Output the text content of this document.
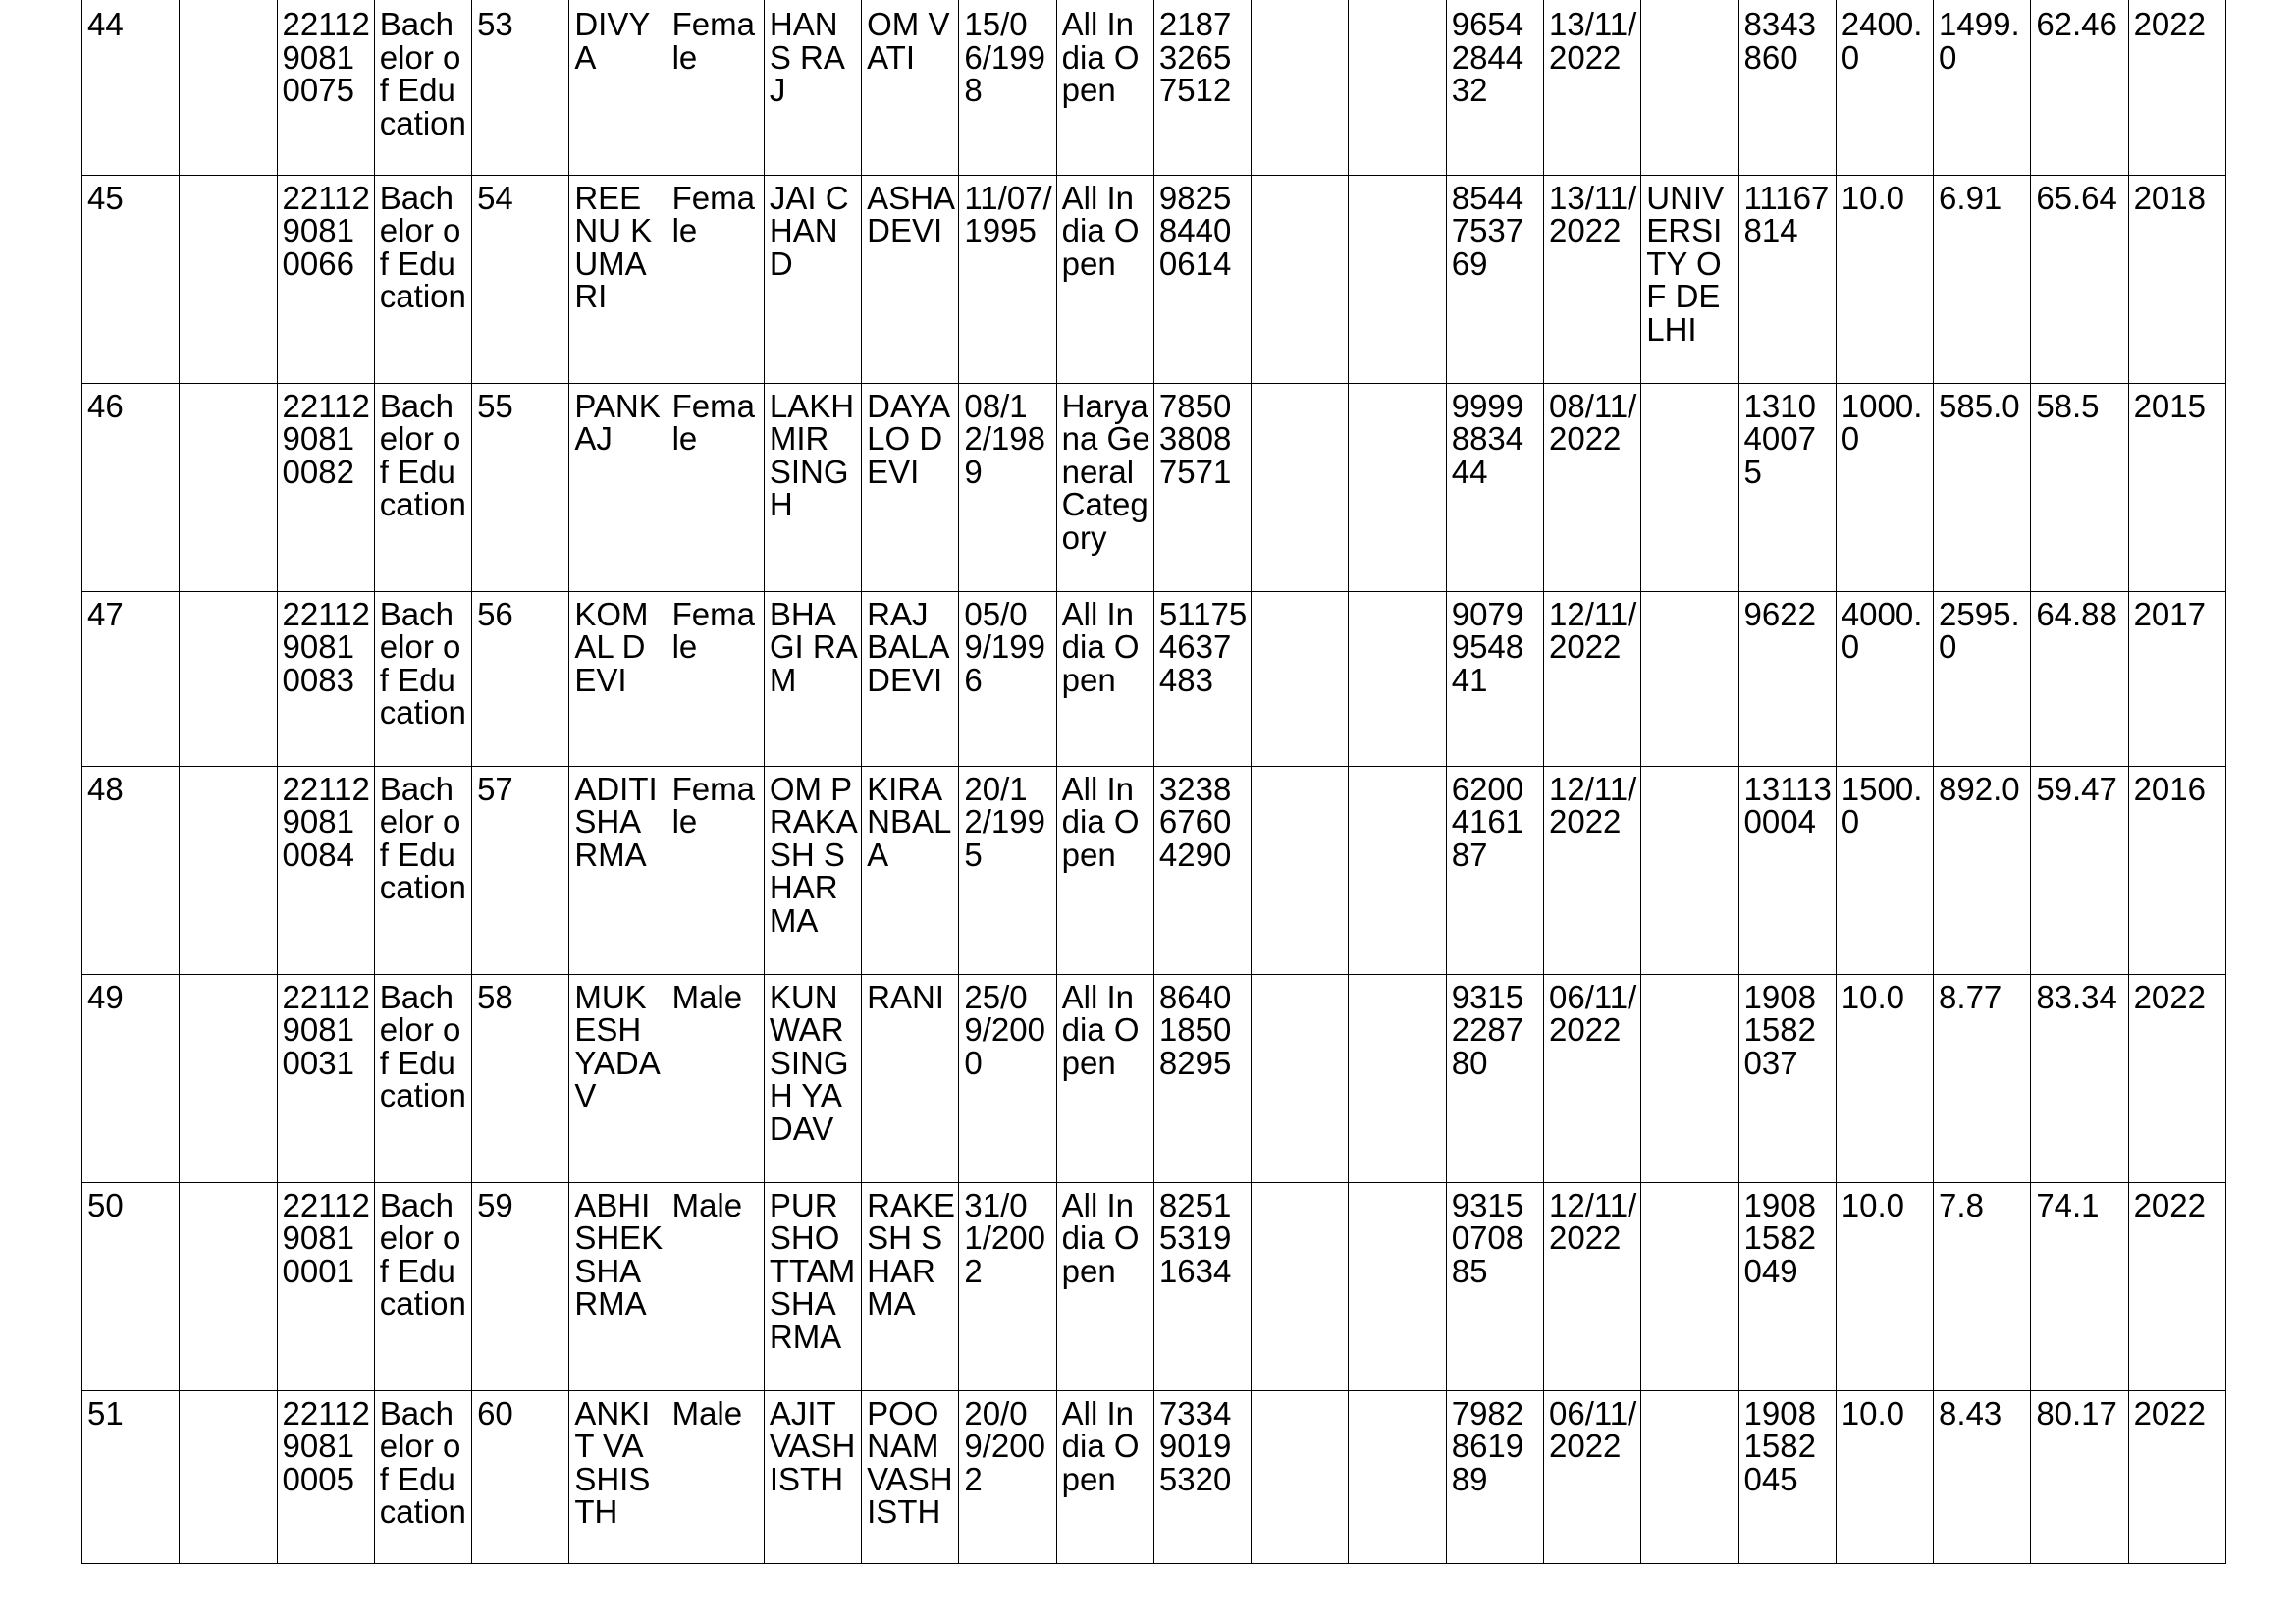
44		2211290810075	Bachelor of Education	53	DIVYA	Female	HANS RAJ	OM VATI	15/06/1998	All India Open	218732657512			9654284432	13/11/2022		8343860	2400.0	1499.0	62.46	2022

45		2211290810066	Bachelor of Education	54	REENU KUMARI	Female	JAI CHAND	ASHA DEVI	11/07/1995	All India Open	982584400614			8544753769	13/11/2022	UNIVERSITY OF DELHI	11167814	10.0	6.91	65.64	2018

46		2211290810082	Bachelor of Education	55	PANKAJ	Female	LAKHMIR SINGH	DAYALO DEVI	08/12/1989	Haryana General Category	785038087571			9999883444	08/11/2022		131040075	1000.0	585.0	58.5	2015

47		2211290810083	Bachelor of Education	56	KOMAL DEVI	Female	BHAGI RAM	RAJ BALA DEVI	05/09/1996	All India Open	511754637483			9079954841	12/11/2022		9622	4000.0	2595.0	64.88	2017

48		2211290810084	Bachelor of Education	57	ADITI SHARMA	Female	OM PRAKASH SHARMA	KIRANBALA	20/12/1995	All India Open	323867604290			6200416187	12/11/2022		131130004	1500.0	892.0	59.47	2016

49		2211290810031	Bachelor of Education	58	MUKESH YADAV	Male	KUNWAR SINGH YADAV	RANI	25/09/2000	All India Open	864018508295			9315228780	06/11/2022		19081582037	10.0	8.77	83.34	2022

50		2211290810001	Bachelor of Education	59	ABHISHEK SHARMA	Male	PURSHOTTAM SHARMA	RAKESH SHARMA	31/01/2002	All India Open	825153191634			9315070885	12/11/2022		19081582049	10.0	7.8	74.1	2022

51		2211290810005	Bachelor of Education	60	ANKIT VASHISTH	Male	AJIT VASHISTH	POONAM VASHISTH	20/09/2002	All India Open	733490195320			7982861989	06/11/2022		19081582045	10.0	8.43	80.17	2022
